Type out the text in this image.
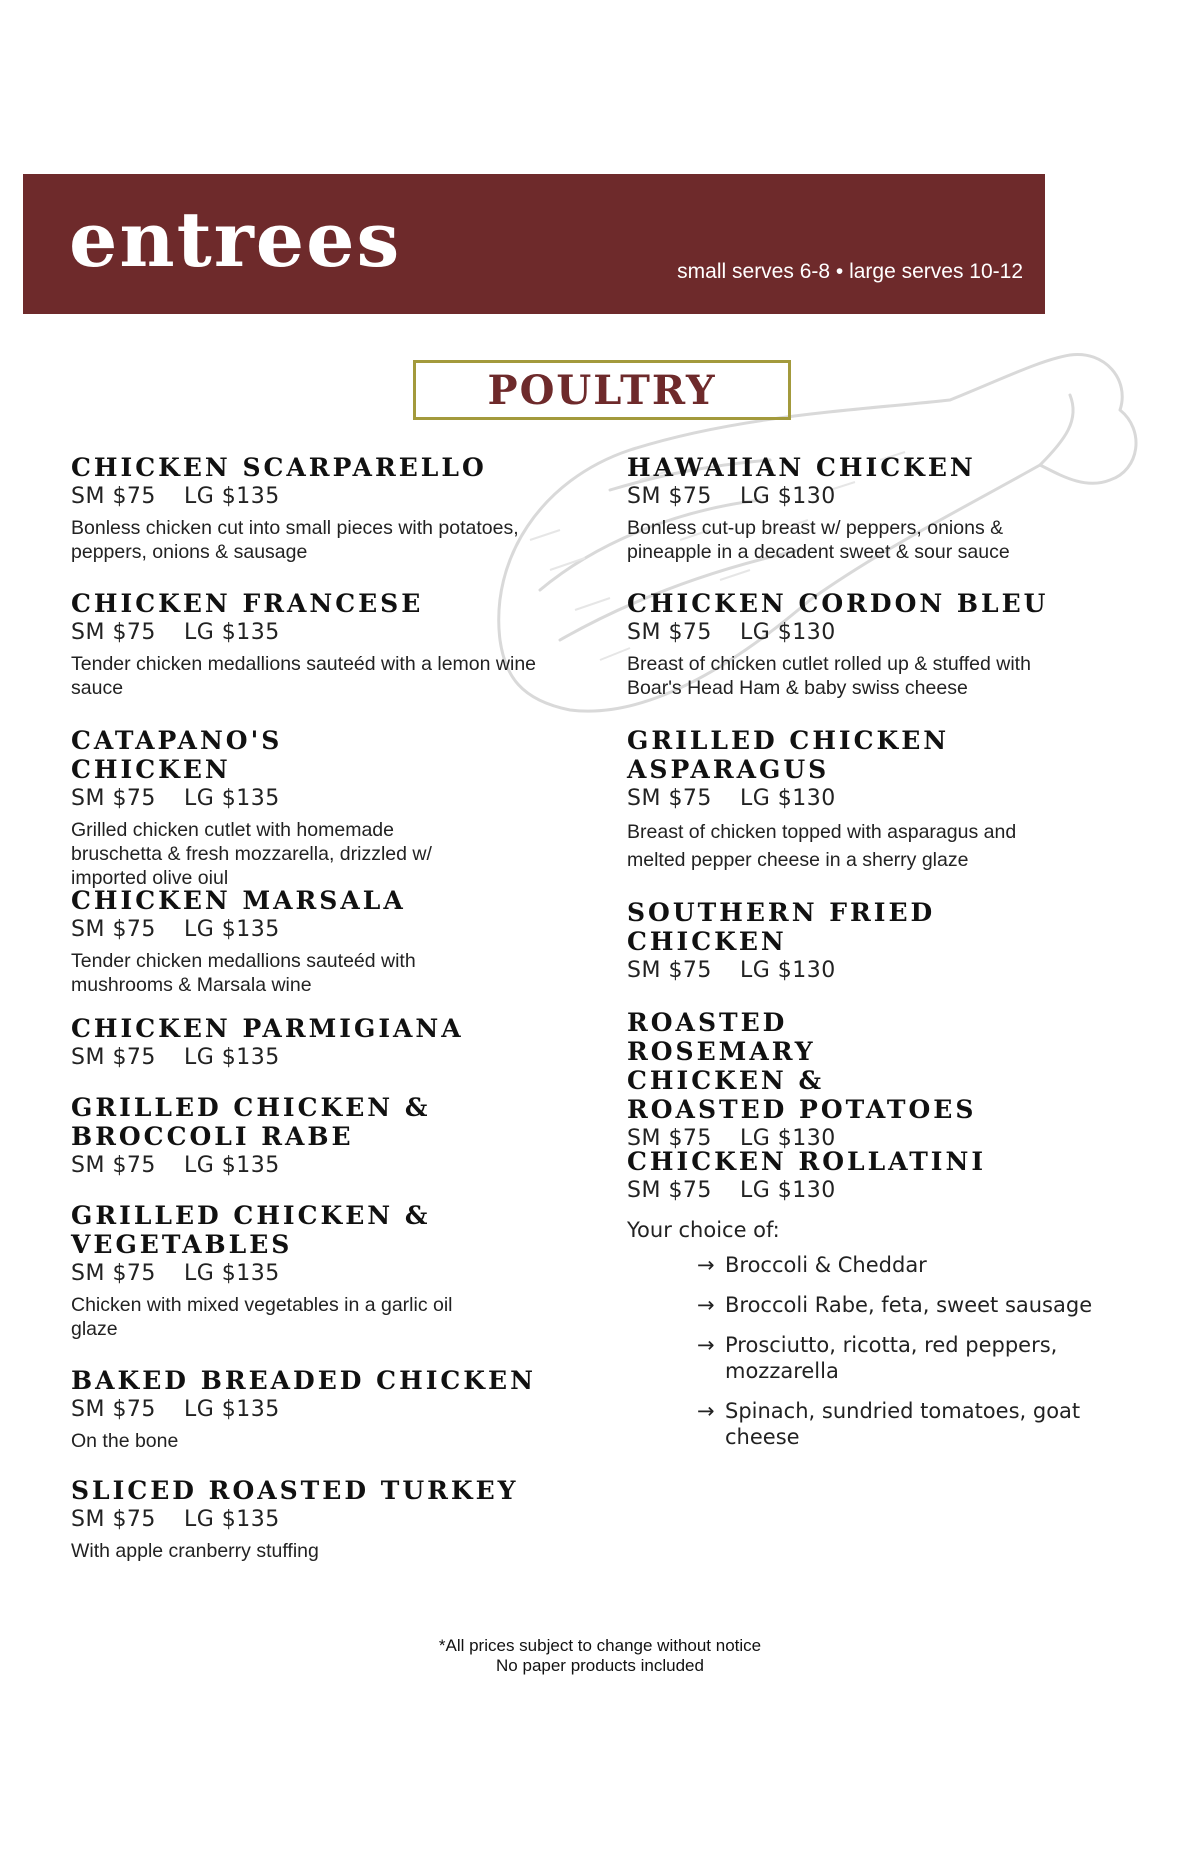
entrees	small serves 6-8 • large serves 10-12
POULTRY

CHICKEN SCARPARELLO

SM $75 LG $135

Bonless chicken cut into small pieces with potatoes, peppers, onions & sausage

CHICKEN FRANCESE

SM $75 LG $135

Tender chicken medallions sauteéd with a lemon wine sauce

CATAPANO'S CHICKEN

SM $75 LG $135

Grilled chicken cutlet with homemade bruschetta & fresh mozzarella, drizzled w/ imported olive oiul

CHICKEN MARSALA

SM $75 LG $135

Tender chicken medallions sauteéd with mushrooms & Marsala wine

CHICKEN PARMIGIANA

SM $75 LG $135

GRILLED CHICKEN & BROCCOLI RABE

SM $75 LG $135

GRILLED CHICKEN & VEGETABLES

SM $75 LG $135

Chicken with mixed vegetables in a garlic oil glaze

BAKED BREADED CHICKEN

SM $75 LG $135

On the bone

SLICED ROASTED TURKEY

SM $75 LG $135

With apple cranberry stuffing

HAWAIIAN CHICKEN

SM $75 LG $130

Bonless cut-up breast w/ peppers, onions & pineapple in a decadent sweet & sour sauce

CHICKEN CORDON BLEU

SM $75 LG $130

Breast of chicken cutlet rolled up & stuffed with Boar's Head Ham & baby swiss cheese

GRILLED CHICKEN ASPARAGUS

SM $75 LG $130

Breast of chicken topped with asparagus and melted pepper cheese in a sherry glaze

SOUTHERN FRIED CHICKEN

SM $75 LG $130

ROASTED ROSEMARY CHICKEN & ROASTED POTATOES

SM $75 LG $130

CHICKEN ROLLATINI

SM $75 LG $130

Your choice of:

→ Broccoli & Cheddar
→ Broccoli Rabe, feta, sweet sausage
→ Prosciutto, ricotta, red peppers, mozzarella
→ Spinach, sundried tomatoes, goat cheese

*All prices subject to change without notice

No paper products included
